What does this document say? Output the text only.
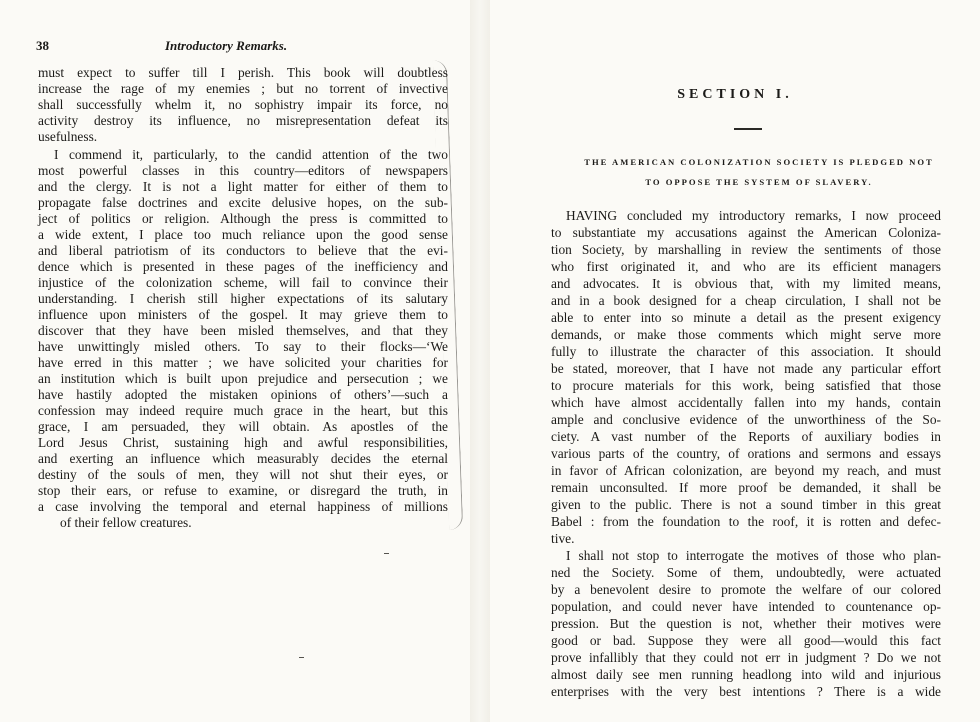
38	Introductory Remarks.
must expect to suffer till I perish. This book will doubtless
increase the rage of my enemies ; but no torrent of invective
shall successfully whelm it, no sophistry impair its force, no
activity destroy its influence, no misrepresentation defeat its
usefulness.
I commend it, particularly, to the candid attention of the two
most powerful classes in this country—editors of newspapers
and the clergy. It is not a light matter for either of them to
propagate false doctrines and excite delusive hopes, on the sub-
ject of politics or religion. Although the press is committed to
a wide extent, I place too much reliance upon the good sense
and liberal patriotism of its conductors to believe that the evi-
dence which is presented in these pages of the inefficiency and
injustice of the colonization scheme, will fail to convince their
understanding. I cherish still higher expectations of its salutary
influence upon ministers of the gospel. It may grieve them to
discover that they have been misled themselves, and that they
have unwittingly misled others. To say to their flocks—‘We
have erred in this matter ; we have solicited your charities for
an institution which is built upon prejudice and persecution ; we
have hastily adopted the mistaken opinions of others’—such a
confession may indeed require much grace in the heart, but this
grace, I am persuaded, they will obtain. As apostles of the
Lord Jesus Christ, sustaining high and awful responsibilities,
and exerting an influence which measurably decides the eternal
destiny of the souls of men, they will not shut their eyes, or
stop their ears, or refuse to examine, or disregard the truth, in
a case involving the temporal and eternal happiness of millions
of their fellow creatures.
SECTION I.
THE AMERICAN COLONIZATION SOCIETY IS PLEDGED NOT
TO OPPOSE THE SYSTEM OF SLAVERY.
HAVING concluded my introductory remarks, I now proceed
to substantiate my accusations against the American Coloniza-
tion Society, by marshalling in review the sentiments of those
who first originated it, and who are its efficient managers
and advocates. It is obvious that, with my limited means,
and in a book designed for a cheap circulation, I shall not be
able to enter into so minute a detail as the present exigency
demands, or make those comments which might serve more
fully to illustrate the character of this association. It should
be stated, moreover, that I have not made any particular effort
to procure materials for this work, being satisfied that those
which have almost accidentally fallen into my hands, contain
ample and conclusive evidence of the unworthiness of the So-
ciety. A vast number of the Reports of auxiliary bodies in
various parts of the country, of orations and sermons and essays
in favor of African colonization, are beyond my reach, and must
remain unconsulted. If more proof be demanded, it shall be
given to the public. There is not a sound timber in this great
Babel : from the foundation to the roof, it is rotten and defec-
tive.
I shall not stop to interrogate the motives of those who plan-
ned the Society. Some of them, undoubtedly, were actuated
by a benevolent desire to promote the welfare of our colored
population, and could never have intended to countenance op-
pression. But the question is not, whether their motives were
good or bad. Suppose they were all good—would this fact
prove infallibly that they could not err in judgment ? Do we not
almost daily see men running headlong into wild and injurious
enterprises with the very best intentions ? There is a wide
